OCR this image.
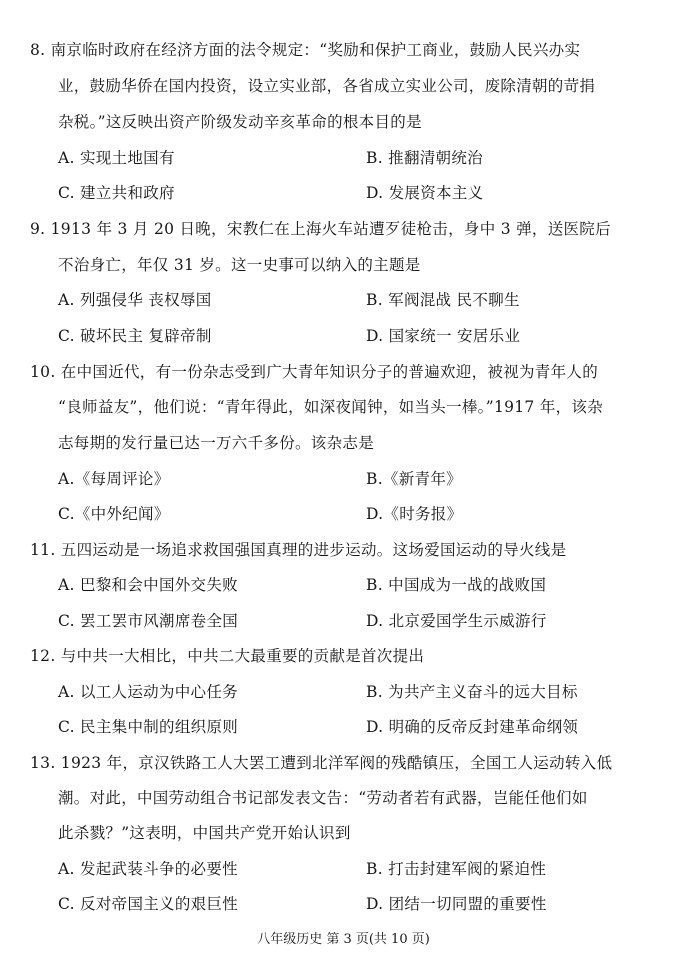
8. 南京临时政府在经济方面的法令规定：“奖励和保护工商业，鼓励人民兴办实
业，鼓励华侨在国内投资，设立实业部，各省成立实业公司，废除清朝的苛捐
杂税。”这反映出资产阶级发动辛亥革命的根本目的是
A. 实现土地国有	B. 推翻清朝统治
C. 建立共和政府	D. 发展资本主义
9. 1913 年 3 月 20 日晚，宋教仁在上海火车站遭歹徒枪击，身中 3 弹，送医院后
不治身亡，年仅 31 岁。这一史事可以纳入的主题是
A. 列强侵华 丧权辱国	B. 军阀混战 民不聊生
C. 破坏民主 复辟帝制	D. 国家统一 安居乐业
10. 在中国近代，有一份杂志受到广大青年知识分子的普遍欢迎，被视为青年人的
“良师益友”，他们说：“青年得此，如深夜闻钟，如当头一棒。”1917 年，该杂
志每期的发行量已达一万六千多份。该杂志是
A.《每周评论》	B.《新青年》
C.《中外纪闻》	D.《时务报》
11. 五四运动是一场追求救国强国真理的进步运动。这场爱国运动的导火线是
A. 巴黎和会中国外交失败	B. 中国成为一战的战败国
C. 罢工罢市风潮席卷全国	D. 北京爱国学生示威游行
12. 与中共一大相比，中共二大最重要的贡献是首次提出
A. 以工人运动为中心任务	B. 为共产主义奋斗的远大目标
C. 民主集中制的组织原则	D. 明确的反帝反封建革命纲领
13. 1923 年，京汉铁路工人大罢工遭到北洋军阀的残酷镇压，全国工人运动转入低
潮。对此，中国劳动组合书记部发表文告：“劳动者若有武器，岂能任他们如
此杀戮？”这表明，中国共产党开始认识到
A. 发起武装斗争的必要性	B. 打击封建军阀的紧迫性
C. 反对帝国主义的艰巨性	D. 团结一切同盟的重要性
八年级历史 第 3 页(共 10 页)
